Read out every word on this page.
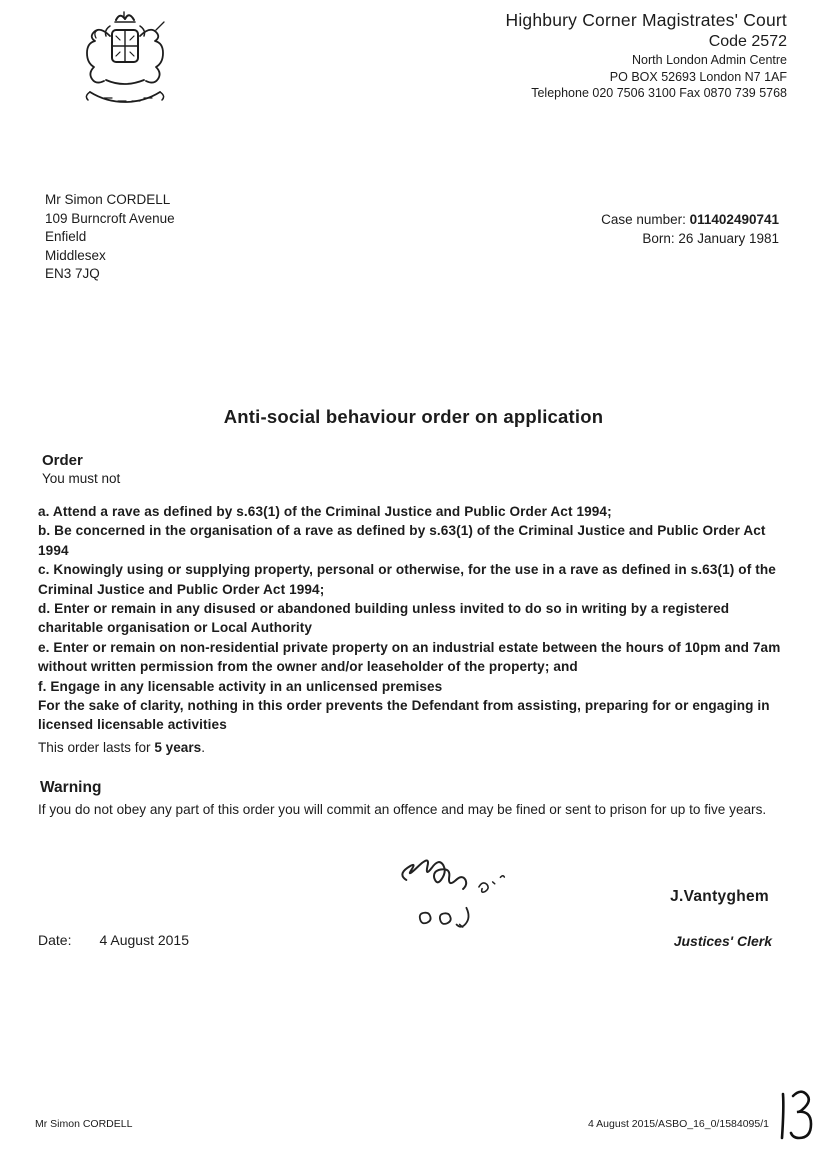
Highbury Corner Magistrates' Court
Code 2572
North London Admin Centre
PO BOX 52693 London N7 1AF
Telephone 020 7506 3100 Fax 0870 739 5768
Mr Simon CORDELL
109 Burncroft Avenue
Enfield
Middlesex
EN3 7JQ
Case number: 011402490741
Born: 26 January 1981
Anti-social behaviour order on application
Order
You must not

a. Attend a rave as defined by s.63(1) of the Criminal Justice and Public Order Act 1994;

b. Be concerned in the organisation of a rave as defined by s.63(1) of the Criminal Justice and Public Order Act 1994

c. Knowingly using or supplying property, personal or otherwise, for the use in a rave as defined in s.63(1) of the Criminal Justice and Public Order Act 1994;

d. Enter or remain in any disused or abandoned building unless invited to do so in writing by a registered charitable organisation or Local Authority

e. Enter or remain on non-residential private property on an industrial estate between the hours of 10pm and 7am without written permission from the owner and/or leaseholder of the property; and

f. Engage in any licensable activity in an unlicensed premises

For the sake of clarity, nothing in this order prevents the Defendant from assisting, preparing for or engaging in licensed licensable activities

This order lasts for 5 years.
Warning
If you do not obey any part of this order you will commit an offence and may be fined or sent to prison for up to five years.
J.Vantyghem
Date: 4 August 2015	Justices' Clerk
Mr Simon CORDELL	4 August 2015/ASBO_16_0/1584095/1
